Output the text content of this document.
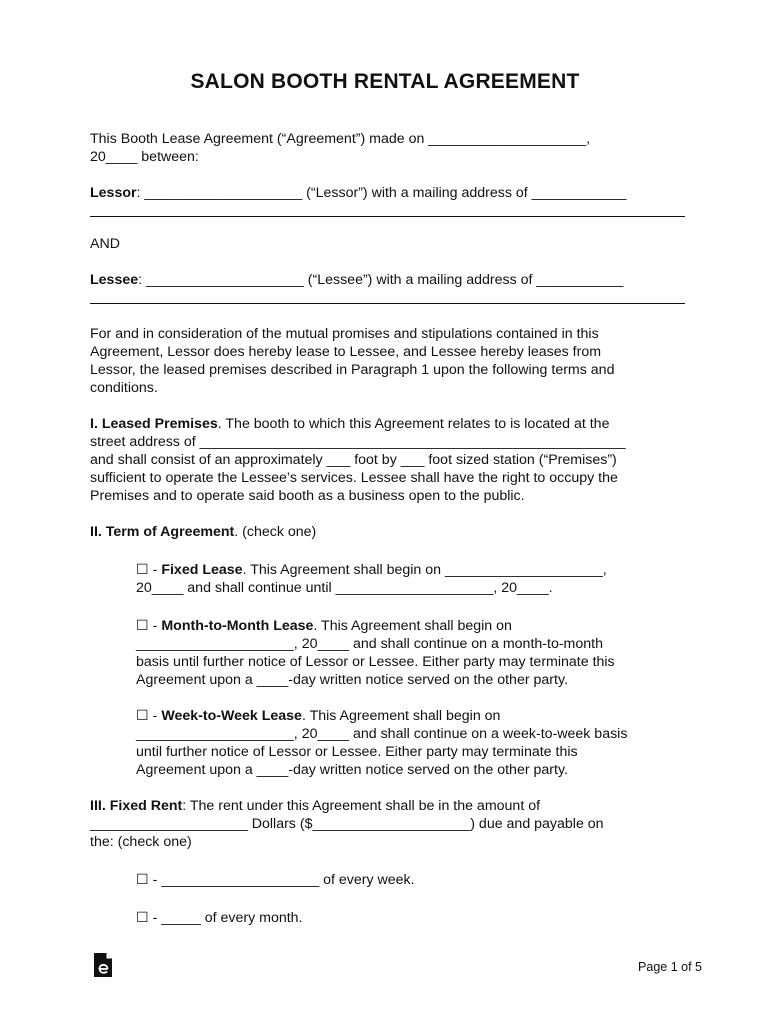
SALON BOOTH RENTAL AGREEMENT

This Booth Lease Agreement (“Agreement”) made on ____________________,

20____ between:

Lessor: ____________________ (“Lessor”) with a mailing address of ____________

AND

Lessee: ____________________ (“Lessee”) with a mailing address of ___________

For and in consideration of the mutual promises and stipulations contained in this

Agreement, Lessor does hereby lease to Lessee, and Lessee hereby leases from

Lessor, the leased premises described in Paragraph 1 upon the following terms and

conditions.

I. Leased Premises. The booth to which this Agreement relates to is located at the

street address of ______________________________________________________

and shall consist of an approximately ___ foot by ___ foot sized station (“Premises”)

sufficient to operate the Lessee’s services. Lessee shall have the right to occupy the

Premises and to operate said booth as a business open to the public.

II. Term of Agreement. (check one)

☐ - Fixed Lease. This Agreement shall begin on ____________________,

20____ and shall continue until ____________________, 20____.

☐ - Month-to-Month Lease. This Agreement shall begin on

____________________, 20____ and shall continue on a month-to-month

basis until further notice of Lessor or Lessee. Either party may terminate this

Agreement upon a ____-day written notice served on the other party.

☐ - Week-to-Week Lease. This Agreement shall begin on

____________________, 20____ and shall continue on a week-to-week basis

until further notice of Lessor or Lessee. Either party may terminate this

Agreement upon a ____-day written notice served on the other party.

III. Fixed Rent: The rent under this Agreement shall be in the amount of

____________________ Dollars ($____________________) due and payable on

the: (check one)

☐ - ____________________ of every week.

☐ - _____ of every month.

Page 1 of 5
